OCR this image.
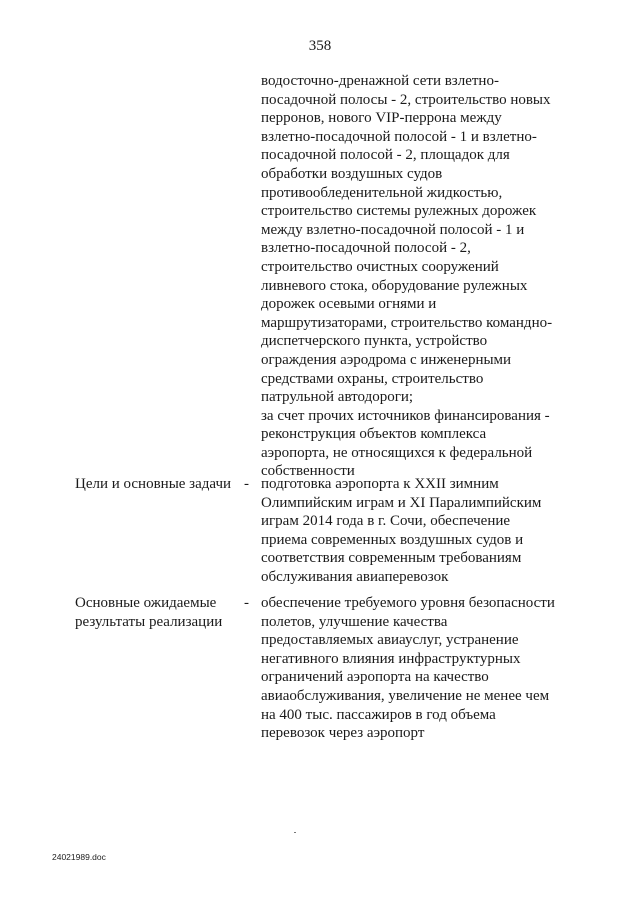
358
водосточно-дренажной сети взлетно-
посадочной полосы - 2, строительство новых
перронов, нового VIP-перрона между
взлетно-посадочной полосой - 1 и взлетно-
посадочной полосой - 2, площадок для
обработки воздушных судов
противообледенительной жидкостью,
строительство системы рулежных дорожек
между взлетно-посадочной полосой - 1 и
взлетно-посадочной полосой - 2,
строительство очистных сооружений
ливневого стока, оборудование рулежных
дорожек осевыми огнями и
маршрутизаторами, строительство командно-
диспетчерского пункта, устройство
ограждения аэродрома с инженерными
средствами охраны, строительство
патрульной автодороги;
за счет прочих источников финансирования -
реконструкция объектов комплекса
аэропорта, не относящихся к федеральной
собственности
Цели и основные задачи - подготовка аэропорта к XXII зимним
Олимпийским играм и XI Паралимпийским
играм 2014 года в г. Сочи, обеспечение
приема современных воздушных судов и
соответствия современным требованиям
обслуживания авиаперевозок
Основные ожидаемые
результаты реализации
- обеспечение требуемого уровня безопасности
полетов, улучшение качества
предоставляемых авиауслуг, устранение
негативного влияния инфраструктурных
ограничений аэропорта на качество
авиаобслуживания, увеличение не менее чем
на 400 тыс. пассажиров в год объема
перевозок через аэропорт
24021989.doc
